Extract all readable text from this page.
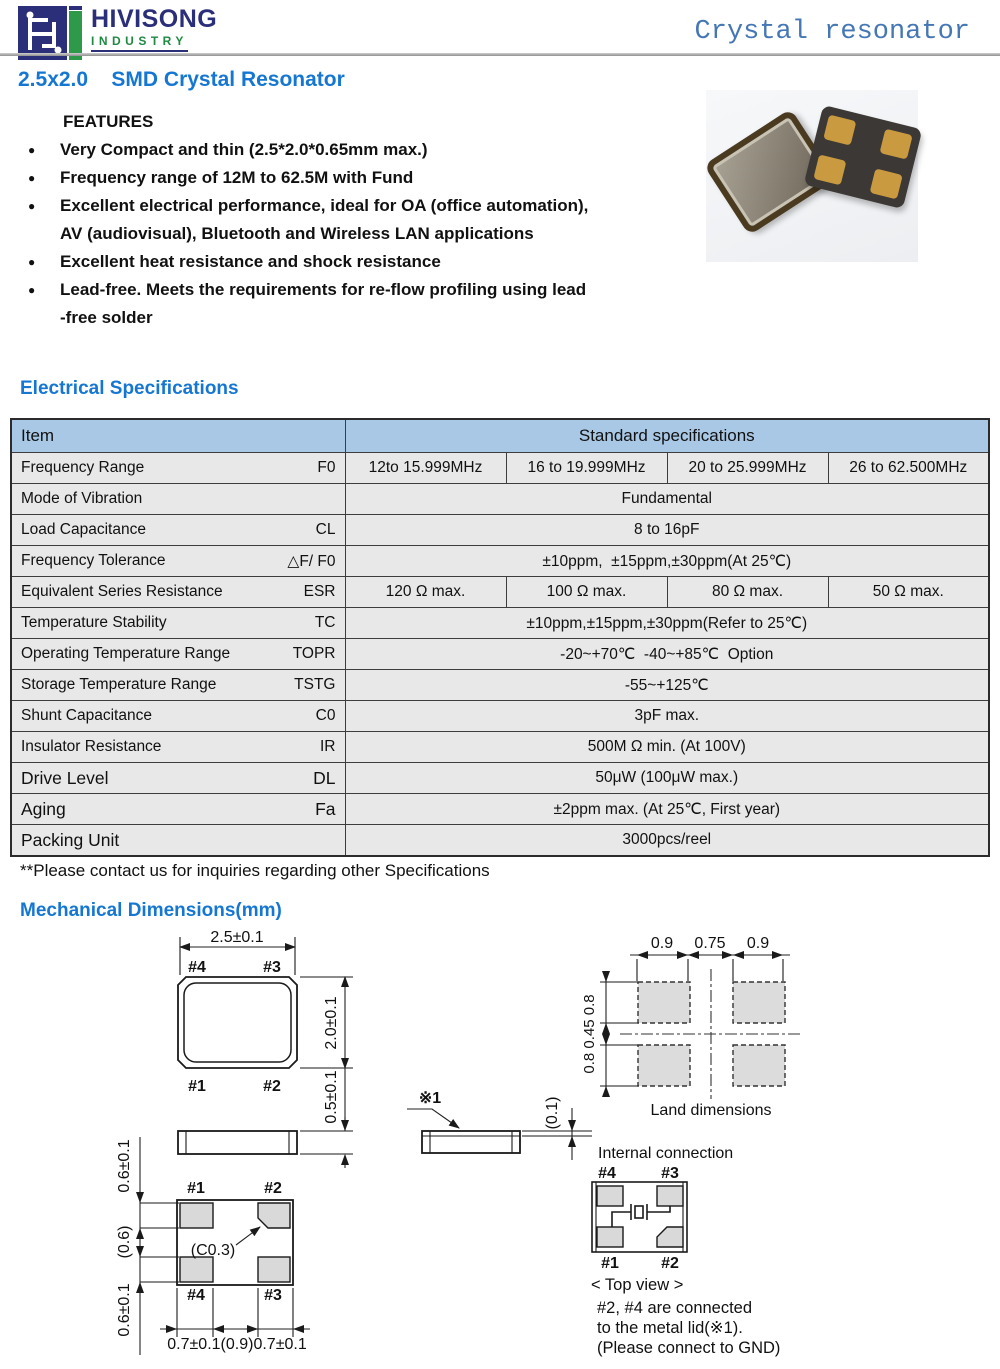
HIVISONG
INDUSTRY	Crystal resonator
2.5x2.0    SMD Crystal Resonator
FEATURES
● Very Compact and thin (2.5*2.0*0.65mm max.)
● Frequency range of 12M to 62.5M with Fund
● Excellent electrical performance, ideal for OA (office automation),
AV (audiovisual), Bluetooth and Wireless LAN applications
● Excellent heat resistance and shock resistance
● Lead-free. Meets the requirements for re-flow profiling using lead
-free solder
Electrical Specifications
Item	Standard specifications			

Frequency Range F0	12to 15.999MHz	16 to 19.999MHz	20 to 25.999MHz	26 to 62.500MHz

Mode of Vibration	Fundamental			

Load Capacitance CL	8 to 16pF			

Frequency Tolerance △F/ F0	±10ppm,  ±15ppm,±30ppm(At 25℃)			

Equivalent Series Resistance ESR	120 Ω max.	100 Ω max.	80 Ω max.	50 Ω max.

Temperature Stability TC	±10ppm,±15ppm,±30ppm(Refer to 25℃)			

Operating Temperature Range TOPR	-20~+70℃  -40~+85℃  Option			

Storage Temperature Range TSTG	-55~+125℃			

Shunt Capacitance C0	3pF max.			

Insulator Resistance IR	500M Ω min. (At 100V)			

Drive Level DL	50μW (100μW max.)			

Aging Fa	±2ppm max. (At 25℃, First year)			

Packing Unit	3000pcs/reel			
**Please contact us for inquiries regarding other Specifications
Mechanical Dimensions(mm)
2.5±0.1
#4	#3
#1	#2
2.0±0.1
0.5±0.1
#1	#2
#4	#3
(C0.3)
0.7±0.1(0.9)0.7±0.1
0.6±0.1
(0.6)
0.6±0.1
※1	(0.1)
0.9 0.75 0.9
0.8 0.45 0.8
Land dimensions
Internal connection
#4	#3
#1	#2
< Top view >
#2, #4 are connected
to the metal lid(※1).
(Please connect to GND)
